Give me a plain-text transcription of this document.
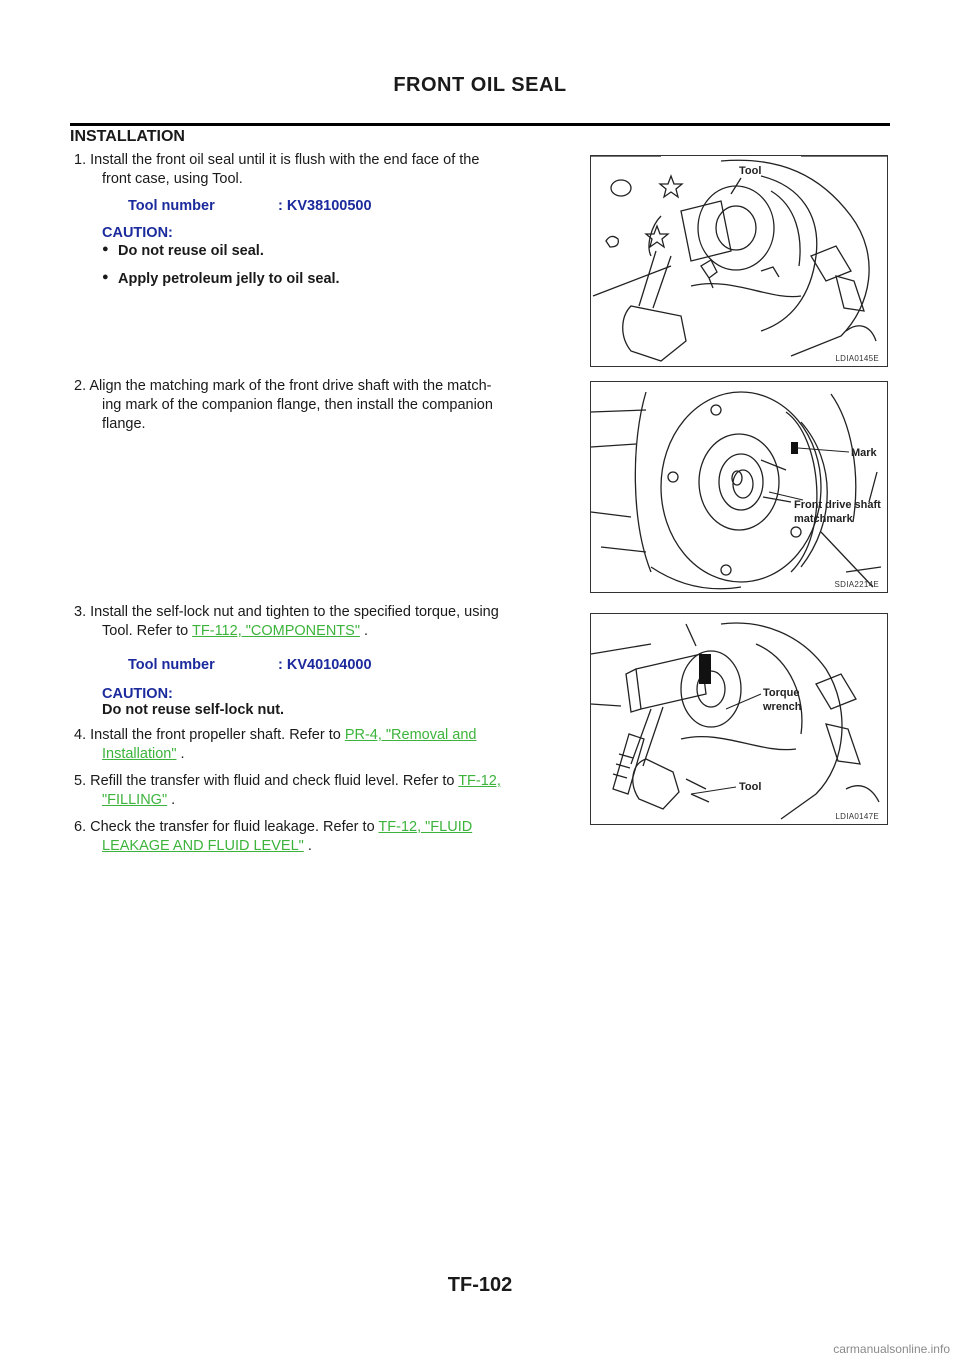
FRONT OIL SEAL
INSTALLATION
1. Install the front oil seal until it is flush with the end face of the
front case, using Tool.
Tool number	: KV38100500
CAUTION:
● Do not reuse oil seal.
● Apply petroleum jelly to oil seal.
2. Align the matching mark of the front drive shaft with the match-
ing mark of the companion flange, then install the companion
flange.
3. Install the self-lock nut and tighten to the specified torque, using
Tool. Refer to TF-112, "COMPONENTS" .
Tool number	: KV40104000
CAUTION:
Do not reuse self-lock nut.
4. Install the front propeller shaft. Refer to PR-4, "Removal and
Installation" .
5. Refill the transfer with fluid and check fluid level. Refer to TF-12,
"FILLING" .
6. Check the transfer for fluid leakage. Refer to TF-12, "FLUID
LEAKAGE AND FLUID LEVEL" .
Tool
LDIA0145E
Mark
Front drive shaft
matchmark
SDIA2214E
Torque
wrench
Tool
LDIA0147E
TF-102
carmanualsonline.info
